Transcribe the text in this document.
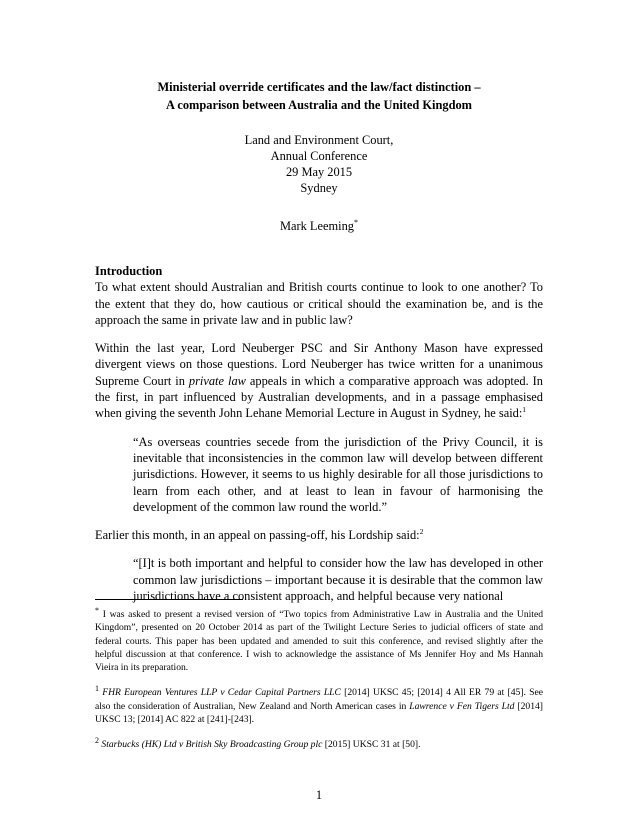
Ministerial override certificates and the law/fact distinction –
A comparison between Australia and the United Kingdom
Land and Environment Court,
Annual Conference
29 May 2015
Sydney
Mark Leeming*

Introduction

To what extent should Australian and British courts continue to look to one another? To the extent that they do, how cautious or critical should the examination be, and is the approach the same in private law and in public law?

Within the last year, Lord Neuberger PSC and Sir Anthony Mason have expressed divergent views on those questions. Lord Neuberger has twice written for a unanimous Supreme Court in private law appeals in which a comparative approach was adopted. In the first, in part influenced by Australian developments, and in a passage emphasised when giving the seventh John Lehane Memorial Lecture in August in Sydney, he said:$^1$

“As overseas countries secede from the jurisdiction of the Privy Council, it is inevitable that inconsistencies in the common law will develop between different jurisdictions. However, it seems to us highly desirable for all those jurisdictions to learn from each other, and at least to lean in favour of harmonising the development of the common law round the world.”

Earlier this month, in an appeal on passing-off, his Lordship said:$^2$

“[I]t is both important and helpful to consider how the law has developed in other common law jurisdictions – important because it is desirable that the common law jurisdictions have a consistent approach, and helpful because very national

* I was asked to present a revised version of “Two topics from Administrative Law in Australia and the United Kingdom”, presented on 20 October 2014 as part of the Twilight Lecture Series to judicial officers of state and federal courts. This paper has been updated and amended to suit this conference, and revised slightly after the helpful discussion at that conference. I wish to acknowledge the assistance of Ms Jennifer Hoy and Ms Hannah Vieira in its preparation.

$^1$ FHR European Ventures LLP v Cedar Capital Partners LLC [2014] UKSC 45; [2014] 4 All ER 79 at [45]. See also the consideration of Australian, New Zealand and North American cases in Lawrence v Fen Tigers Ltd [2014] UKSC 13; [2014] AC 822 at [241]-[243].

$^2$ Starbucks (HK) Ltd v British Sky Broadcasting Group plc [2015] UKSC 31 at [50].

1
